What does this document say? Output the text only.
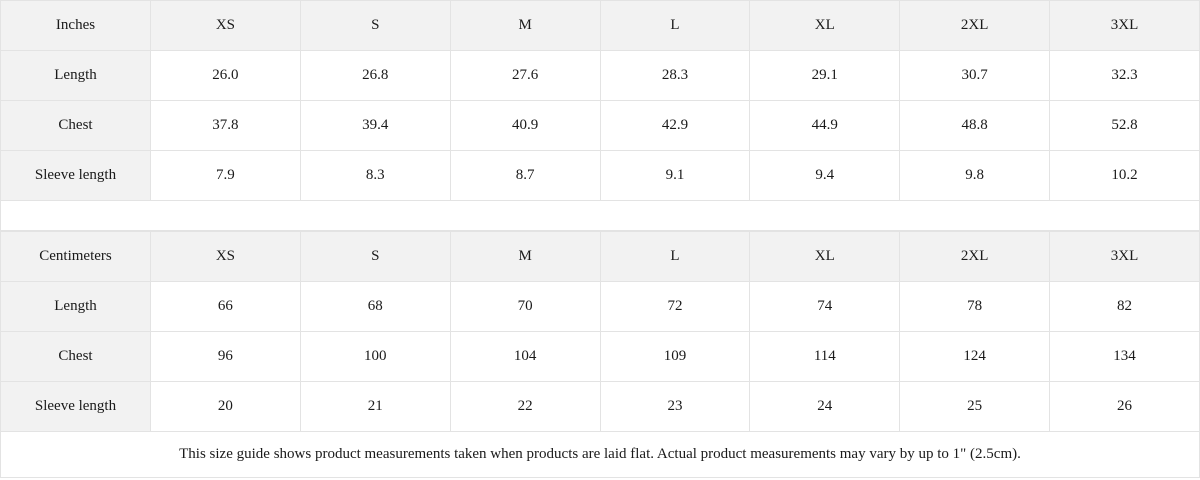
Inches	XS	S	M	L	XL	2XL	3XL
Length	26.0	26.8	27.6	28.3	29.1	30.7	32.3
Chest	37.8	39.4	40.9	42.9	44.9	48.8	52.8
Sleeve length	7.9	8.3	8.7	9.1	9.4	9.8	10.2
Centimeters	XS	S	M	L	XL	2XL	3XL
Length	66	68	70	72	74	78	82
Chest	96	100	104	109	114	124	134
Sleeve length	20	21	22	23	24	25	26
This size guide shows product measurements taken when products are laid flat. Actual product measurements may vary by up to 1" (2.5cm).
